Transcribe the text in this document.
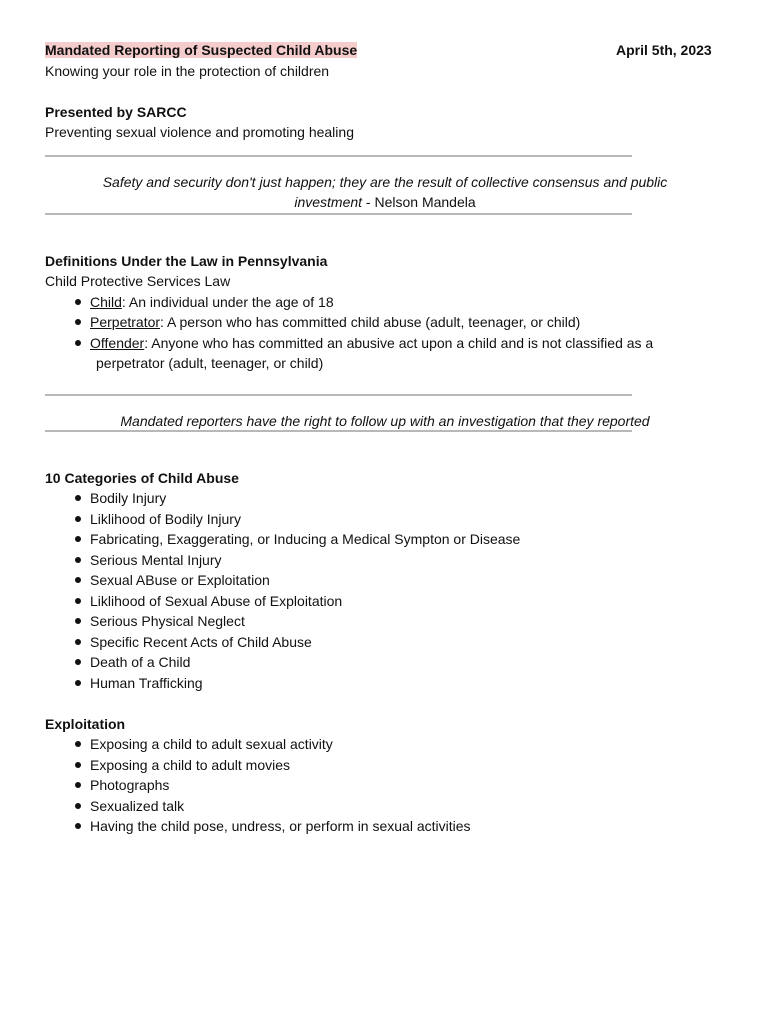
Mandated Reporting of Suspected Child Abuse	April 5th, 2023
Knowing your role in the protection of children
Presented by SARCC
Preventing sexual violence and promoting healing
Safety and security don't just happen; they are the result of collective consensus and public
investment - Nelson Mandela
Definitions Under the Law in Pennsylvania
Child Protective Services Law
Child: An individual under the age of 18
Perpetrator: A person who has committed child abuse (adult, teenager, or child)
Offender: Anyone who has committed an abusive act upon a child and is not classified as a
perpetrator (adult, teenager, or child)
Mandated reporters have the right to follow up with an investigation that they reported
10 Categories of Child Abuse
Bodily Injury
Liklihood of Bodily Injury
Fabricating, Exaggerating, or Inducing a Medical Sympton or Disease
Serious Mental Injury
Sexual ABuse or Exploitation
Liklihood of Sexual Abuse of Exploitation
Serious Physical Neglect
Specific Recent Acts of Child Abuse
Death of a Child
Human Trafficking
Exploitation
Exposing a child to adult sexual activity
Exposing a child to adult movies
Photographs
Sexualized talk
Having the child pose, undress, or perform in sexual activities
